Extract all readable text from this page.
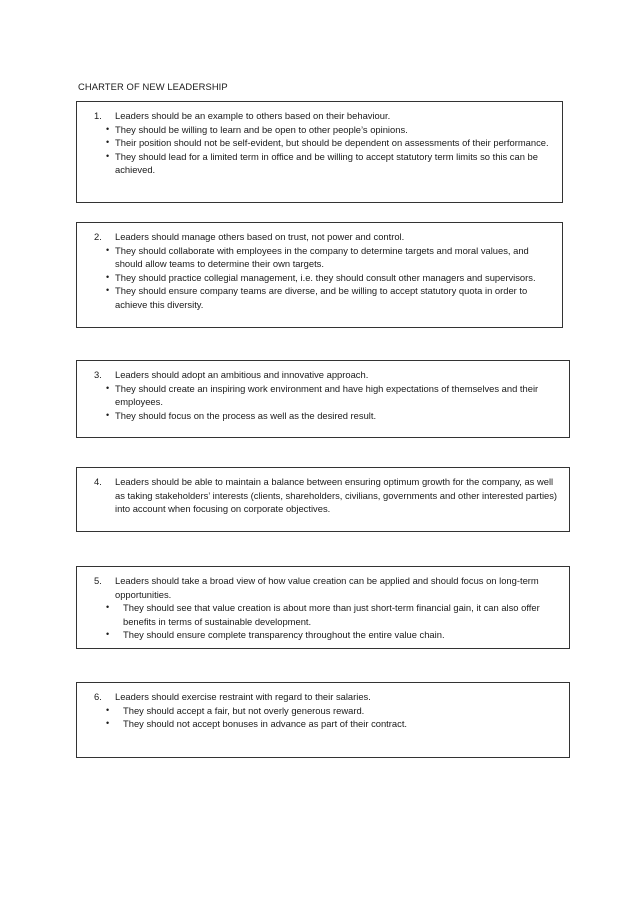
CHARTER OF NEW LEADERSHIP
1. Leaders should be an example to others based on their behaviour.
• They should be willing to learn and be open to other people’s opinions.
• Their position should not be self-evident, but should be dependent on assessments of their performance.
• They should lead for a limited term in office and be willing to accept statutory term limits so this can be achieved.
2. Leaders should manage others based on trust, not power and control.
• They should collaborate with employees in the company to determine targets and moral values, and should allow teams to determine their own targets.
• They should practice collegial management, i.e. they should consult other managers and supervisors.
• They should ensure company teams are diverse, and be willing to accept statutory quota in order to achieve this diversity.
3. Leaders should adopt an ambitious and innovative approach.
• They should create an inspiring work environment and have high expectations of themselves and their employees.
• They should focus on the process as well as the desired result.
4. Leaders should be able to maintain a balance between ensuring optimum growth for the company, as well as taking stakeholders’ interests (clients, shareholders, civilians, governments and other interested parties) into account when focusing on corporate objectives.
5. Leaders should take a broad view of how value creation can be applied and should focus on long-term opportunities.
• They should see that value creation is about more than just short-term financial gain, it can also offer benefits in terms of sustainable development.
• They should ensure complete transparency throughout the entire value chain.
6. Leaders should exercise restraint with regard to their salaries.
• They should accept a fair, but not overly generous reward.
• They should not accept bonuses in advance as part of their contract.
